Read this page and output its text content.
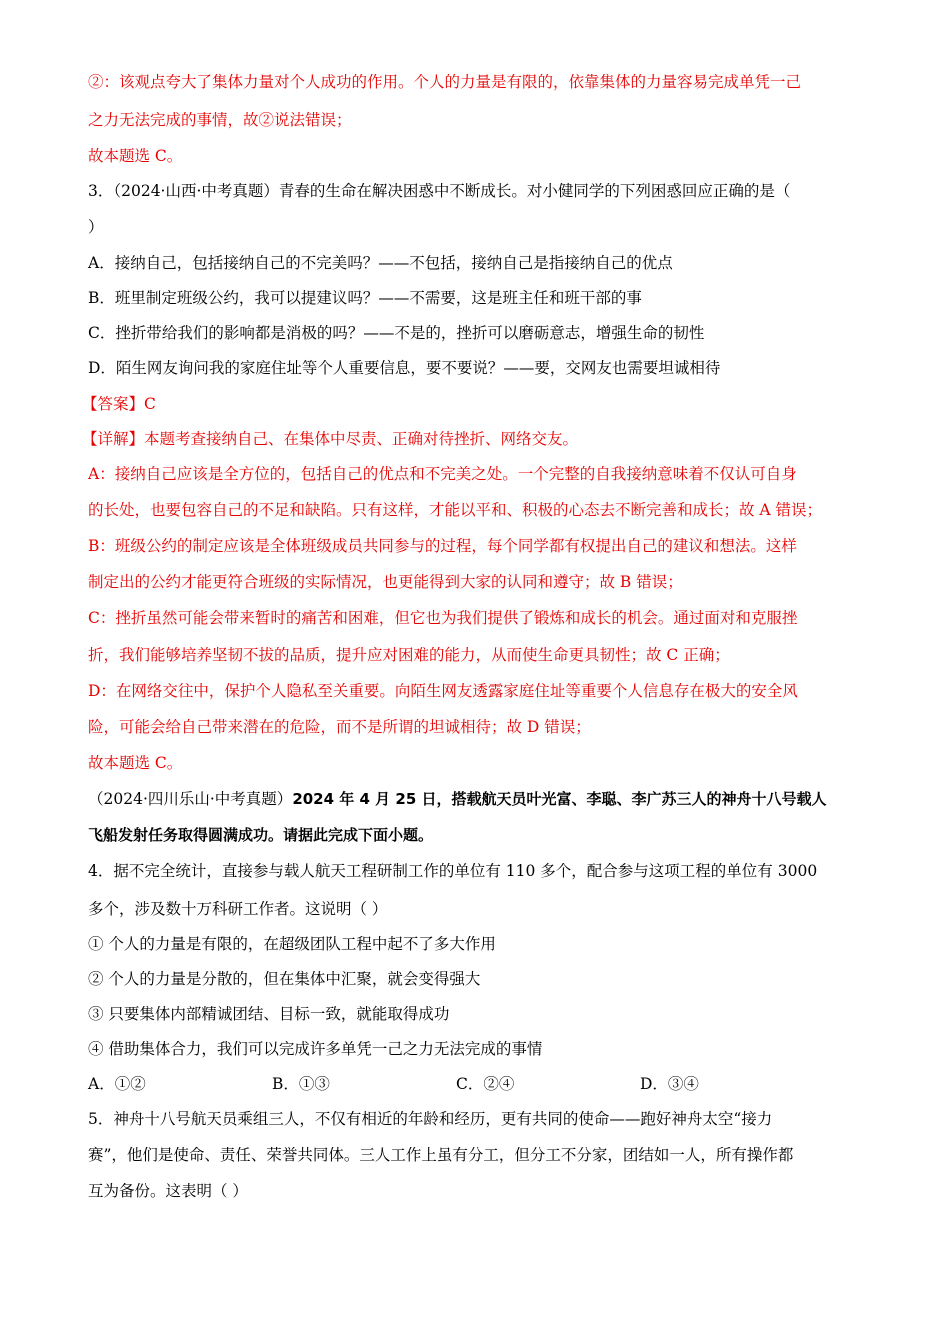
②：该观点夸大了集体力量对个人成功的作用。个人的力量是有限的，依靠集体的力量容易完成单凭一己

之力无法完成的事情，故②说法错误；

故本题选 C。

3．（2024·山西·中考真题）青春的生命在解决困惑中不断成长。对小健同学的下列困惑回应正确的是（

）

A．接纳自己，包括接纳自己的不完美吗？——不包括，接纳自己是指接纳自己的优点

B．班里制定班级公约，我可以提建议吗？——不需要，这是班主任和班干部的事

C．挫折带给我们的影响都是消极的吗？——不是的，挫折可以磨砺意志，增强生命的韧性

D．陌生网友询问我的家庭住址等个人重要信息，要不要说？——要，交网友也需要坦诚相待

【答案】C

【详解】本题考查接纳自己、在集体中尽责、正确对待挫折、网络交友。

A：接纳自己应该是全方位的，包括自己的优点和不完美之处。一个完整的自我接纳意味着不仅认可自身

的长处，也要包容自己的不足和缺陷。只有这样，才能以平和、积极的心态去不断完善和成长；故 A 错误；

B：班级公约的制定应该是全体班级成员共同参与的过程，每个同学都有权提出自己的建议和想法。这样

制定出的公约才能更符合班级的实际情况，也更能得到大家的认同和遵守；故 B 错误；

C：挫折虽然可能会带来暂时的痛苦和困难，但它也为我们提供了锻炼和成长的机会。通过面对和克服挫

折，我们能够培养坚韧不拔的品质，提升应对困难的能力，从而使生命更具韧性；故 C 正确；

D：在网络交往中，保护个人隐私至关重要。向陌生网友透露家庭住址等重要个人信息存在极大的安全风

险，可能会给自己带来潜在的危险，而不是所谓的坦诚相待；故 D 错误；

故本题选 C。

（2024·四川乐山·中考真题）2024 年 4 月 25 日，搭载航天员叶光富、李聪、李广苏三人的神舟十八号载人

飞船发射任务取得圆满成功。请据此完成下面小题。

4．据不完全统计，直接参与载人航天工程研制工作的单位有 110 多个，配合参与这项工程的单位有 3000

多个，涉及数十万科研工作者。这说明（ ）

① 个人的力量是有限的，在超级团队工程中起不了多大作用

② 个人的力量是分散的，但在集体中汇聚，就会变得强大

③ 只要集体内部精诚团结、目标一致，就能取得成功

④ 借助集体合力，我们可以完成许多单凭一己之力无法完成的事情

A．①②	B．①③	C．②④	D．③④

5．神舟十八号航天员乘组三人，不仅有相近的年龄和经历，更有共同的使命——跑好神舟太空“接力

赛”，他们是使命、责任、荣誉共同体。三人工作上虽有分工，但分工不分家，团结如一人，所有操作都

互为备份。这表明（ ）
